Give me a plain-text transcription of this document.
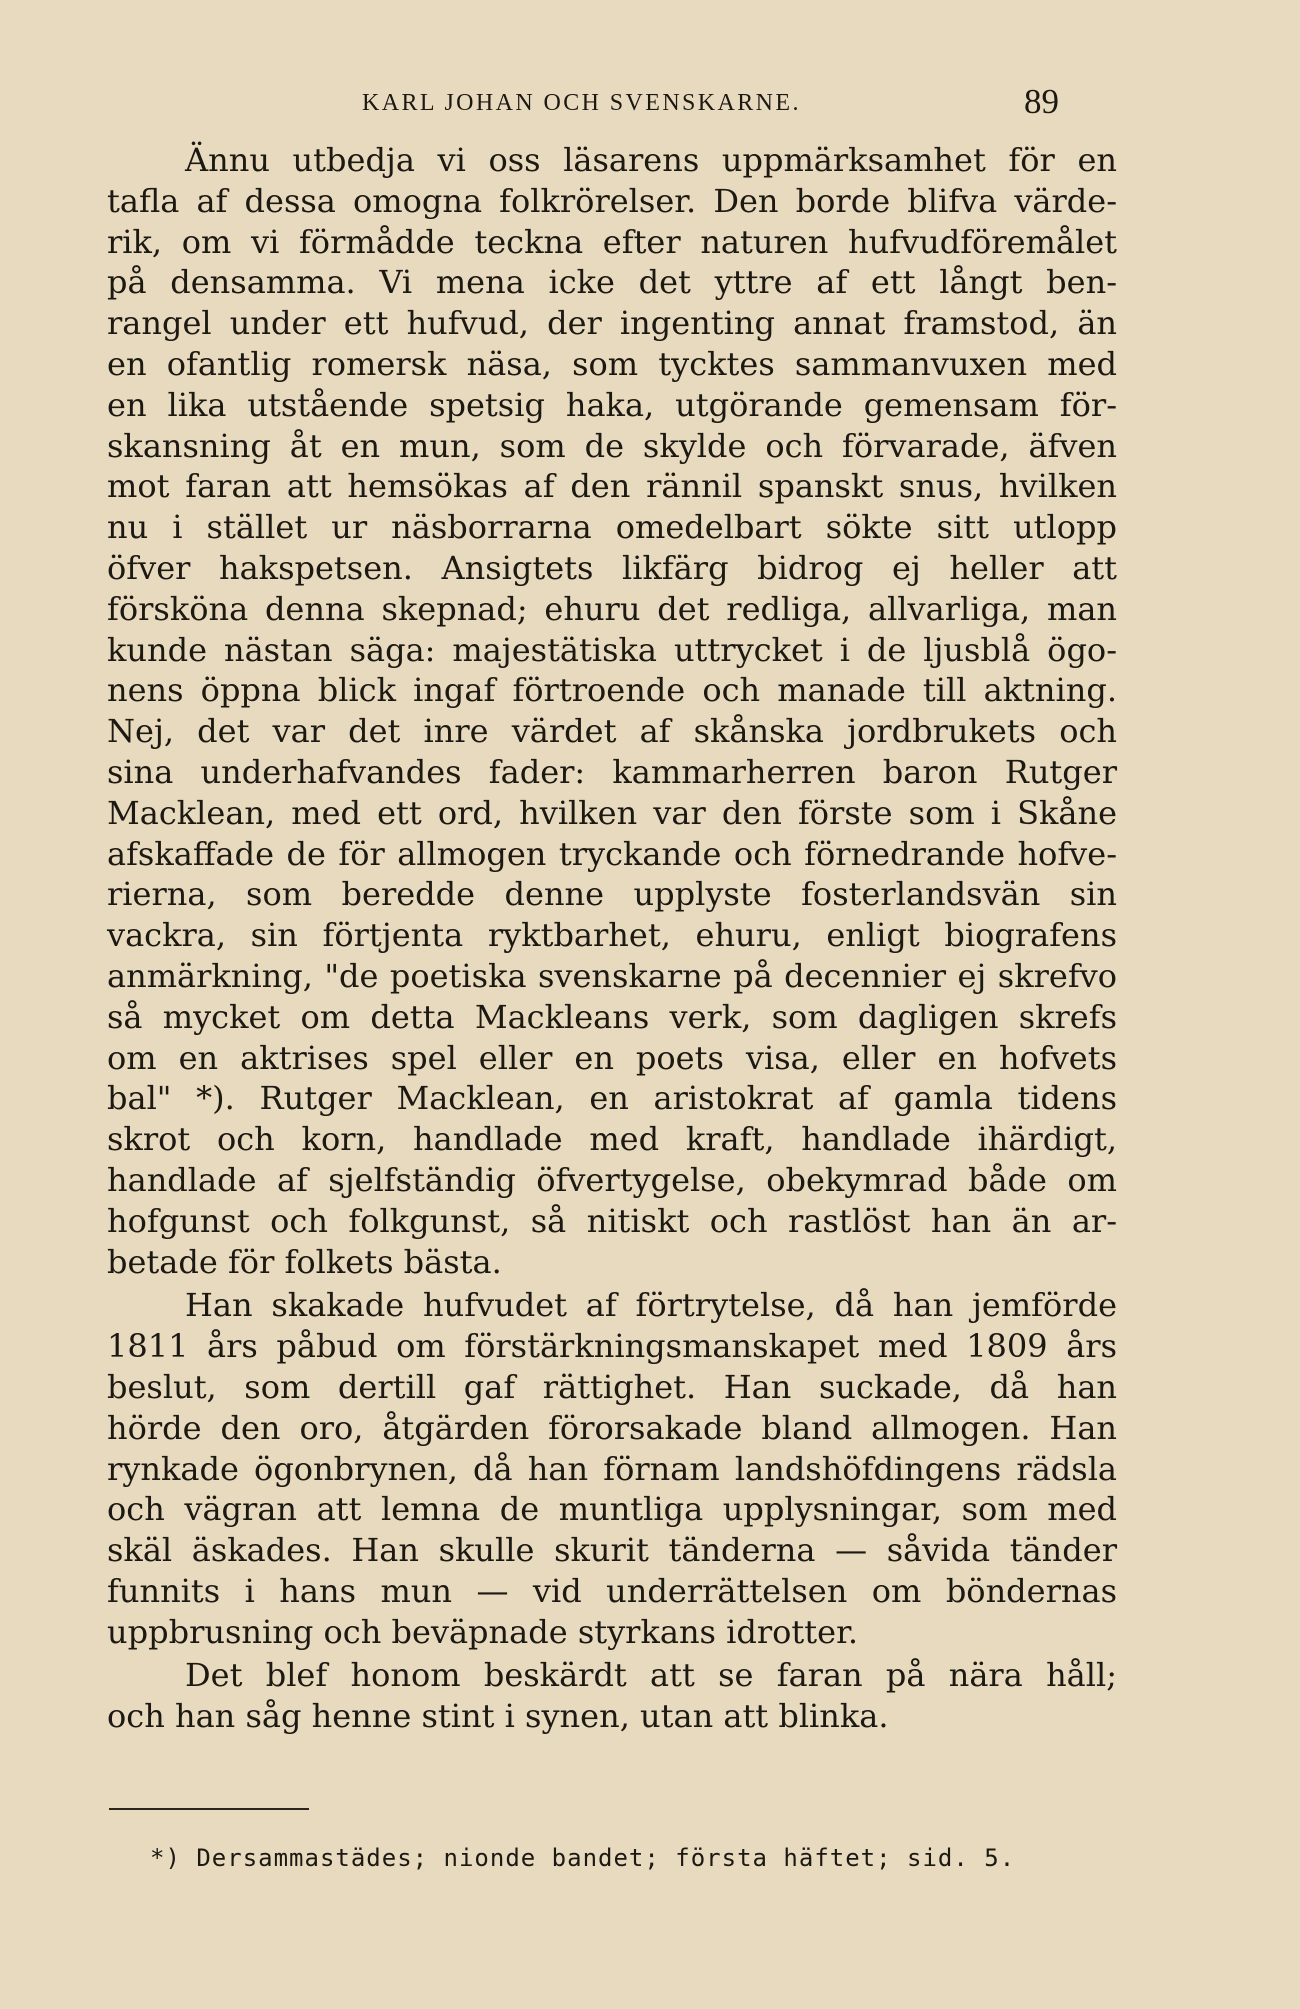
KARL JOHAN OCH SVENSKARNE.	89
Ännu utbedja vi oss läsarens uppmärksamhet för en
tafla af dessa omogna folkrörelser. Den borde blifva värde-
rik, om vi förmådde teckna efter naturen hufvudföremålet
på densamma. Vi mena icke det yttre af ett långt ben-
rangel under ett hufvud, der ingenting annat framstod, än
en ofantlig romersk näsa, som tycktes sammanvuxen med
en lika utstående spetsig haka, utgörande gemensam för-
skansning åt en mun, som de skylde och förvarade, äfven
mot faran att hemsökas af den rännil spanskt snus, hvilken
nu i stället ur näsborrarna omedelbart sökte sitt utlopp
öfver hakspetsen. Ansigtets likfärg bidrog ej heller att
försköna denna skepnad; ehuru det redliga, allvarliga, man
kunde nästan säga: majestätiska uttrycket i de ljusblå ögo-
nens öppna blick ingaf förtroende och manade till aktning.
Nej, det var det inre värdet af skånska jordbrukets och
sina underhafvandes fader: kammarherren baron Rutger
Macklean, med ett ord, hvilken var den förste som i Skåne
afskaffade de för allmogen tryckande och förnedrande hofve-
rierna, som beredde denne upplyste fosterlandsvän sin
vackra, sin förtjenta ryktbarhet, ehuru, enligt biografens
anmärkning, "de poetiska svenskarne på decennier ej skrefvo
så mycket om detta Mackleans verk, som dagligen skrefs
om en aktrises spel eller en poets visa, eller en hofvets
bal" *). Rutger Macklean, en aristokrat af gamla tidens
skrot och korn, handlade med kraft, handlade ihärdigt,
handlade af sjelfständig öfvertygelse, obekymrad både om
hofgunst och folkgunst, så nitiskt och rastlöst han än ar-
betade för folkets bästa.
Han skakade hufvudet af förtrytelse, då han jemförde
1811 års påbud om förstärkningsmanskapet med 1809 års
beslut, som dertill gaf rättighet. Han suckade, då han
hörde den oro, åtgärden förorsakade bland allmogen. Han
rynkade ögonbrynen, då han förnam landshöfdingens rädsla
och vägran att lemna de muntliga upplysningar, som med
skäl äskades. Han skulle skurit tänderna — såvida tänder
funnits i hans mun — vid underrättelsen om böndernas
uppbrusning och beväpnade styrkans idrotter.
Det blef honom beskärdt att se faran på nära håll;
och han såg henne stint i synen, utan att blinka.
*) Dersammastädes; nionde bandet; första häftet; sid. 5.
